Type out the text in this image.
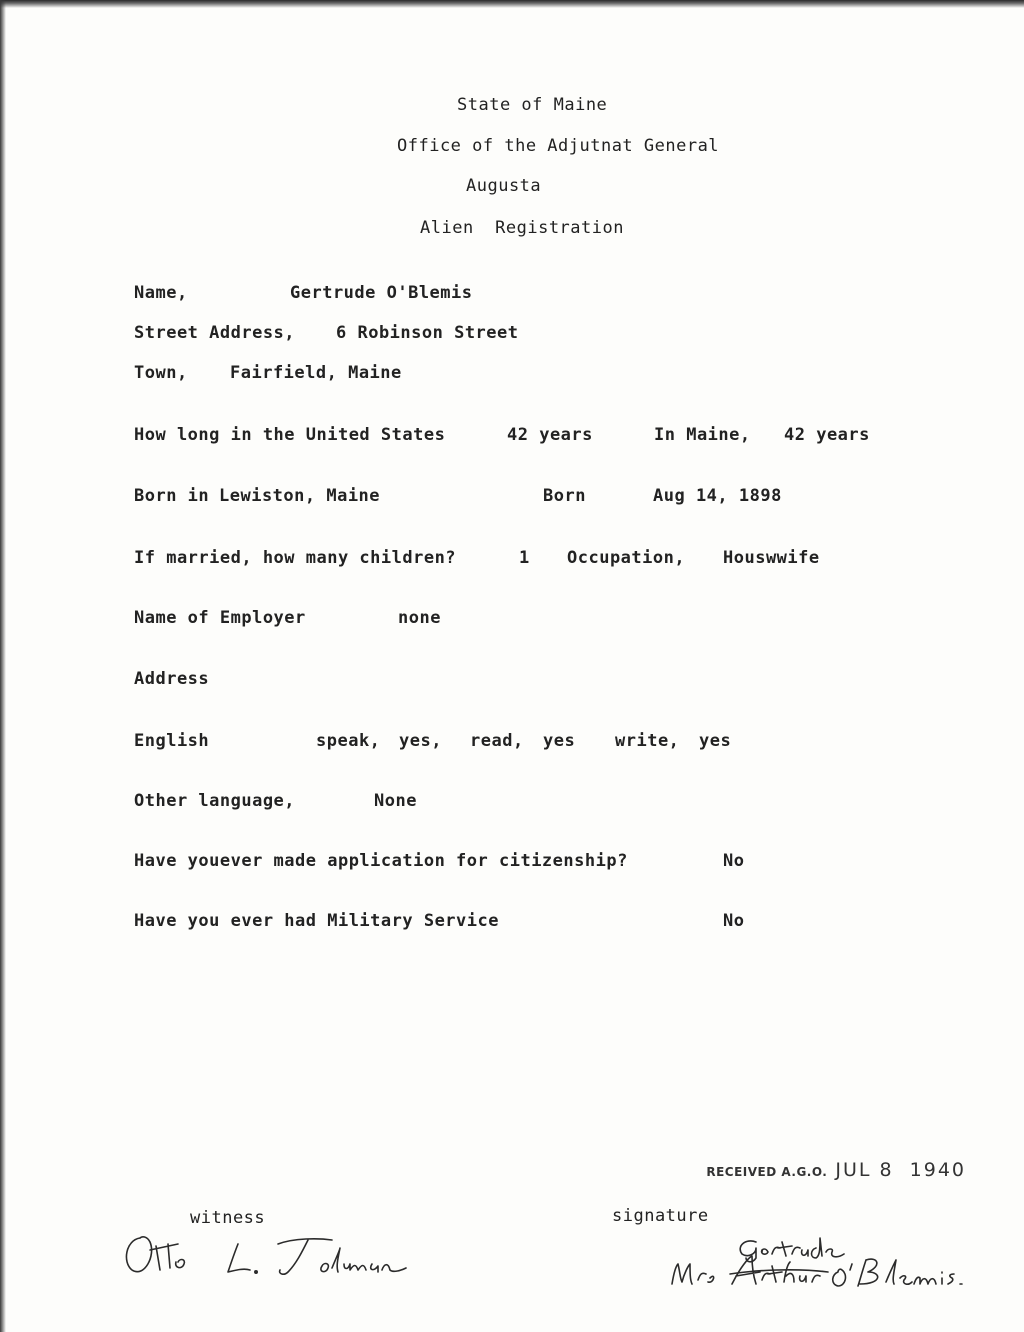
State of Maine
Office of the Adjutnat General
Augusta
Alien  Registration
Name,	Gertrude O'Blemis
Street Address, 6 Robinson Street
Town, Fairfield, Maine
How long in the United States	42 years	In Maine, 42 years
Born in Lewiston, Maine	Born	Aug 14, 1898
If married, how many children?	1 Occupation, Houswwife
Name of Employer	none
Address
English	speak, yes, read, yes write, yes
Other language,	None
Have youever made application for citizenship?	No
Have you ever had Military Service	No

RECEIVED A.G.O. JUL 8  1940

witness	signature
